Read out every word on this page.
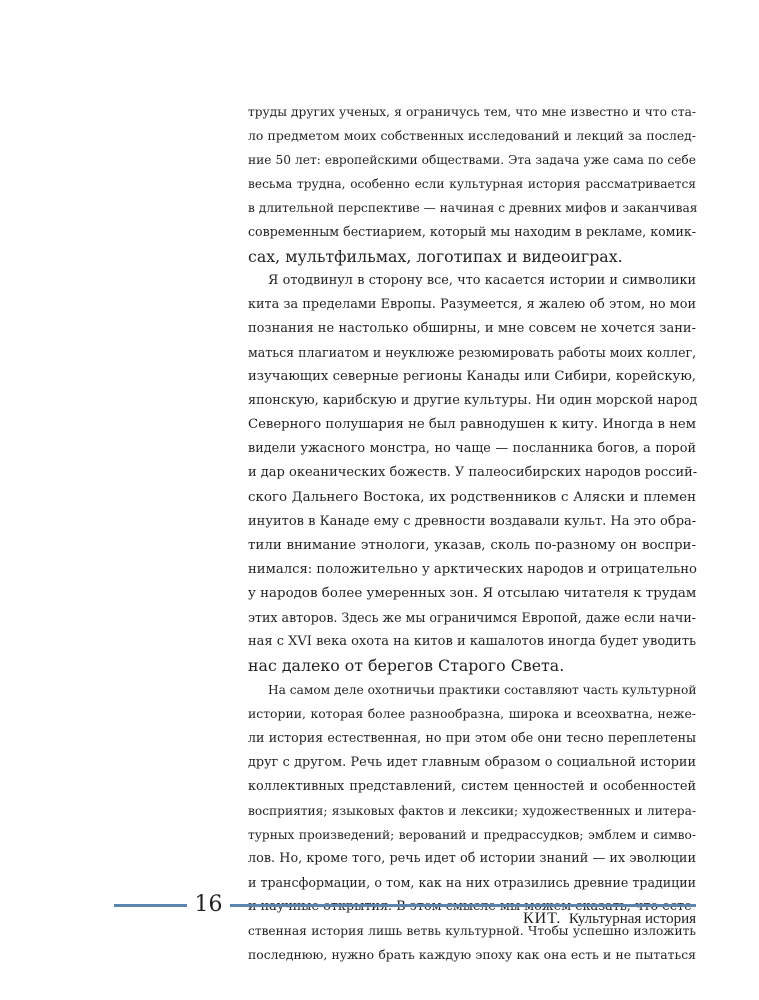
труды других ученых, я ограничусь тем, что мне известно и что ста-
ло предметом моих собственных исследований и лекций за послед-
ние 50 лет: европейскими обществами. Эта задача уже сама по себе
весьма трудна, особенно если культурная история рассматривается
в длительной перспективе — начиная с древних мифов и заканчивая
современным бестиарием, который мы находим в рекламе, комик-
сах, мультфильмах, логотипах и видеоиграх.
Я отодвинул в сторону все, что касается истории и символики
кита за пределами Европы. Разумеется, я жалею об этом, но мои
познания не настолько обширны, и мне совсем не хочется зани-
маться плагиатом и неуклюже резюмировать работы моих коллег,
изучающих северные регионы Канады или Сибири, корейскую,
японскую, карибскую и другие культуры. Ни один морской народ
Северного полушария не был равнодушен к киту. Иногда в нем
видели ужасного монстра, но чаще — посланника богов, а порой
и дар океанических божеств. У палеосибирских народов россий-
ского Дальнего Востока, их родственников с Аляски и племен
инуитов в Канаде ему с древности воздавали культ. На это обра-
тили внимание этнологи, указав, сколь по-разному он воспри-
нимался: положительно у арктических народов и отрицательно
у народов более умеренных зон. Я отсылаю читателя к трудам
этих авторов. Здесь же мы ограничимся Европой, даже если начи-
ная с XVI века охота на китов и кашалотов иногда будет уводить
нас далеко от берегов Старого Света.
На самом деле охотничьи практики составляют часть культурной
истории, которая более разнообразна, широка и всеохватна, неже-
ли история естественная, но при этом обе они тесно переплетены
друг с другом. Речь идет главным образом о социальной истории
коллективных представлений, систем ценностей и особенностей
восприятия; языковых фактов и лексики; художественных и литера-
турных произведений; верований и предрассудков; эмблем и симво-
лов. Но, кроме того, речь идет об истории знаний — их эволюции
и трансформации, о том, как на них отразились древние традиции
ственная история лишь ветвь культурной. Чтобы успешно изложить
последнюю, нужно брать каждую эпоху как она есть и не пытаться
16
КИТ. Культурная история
